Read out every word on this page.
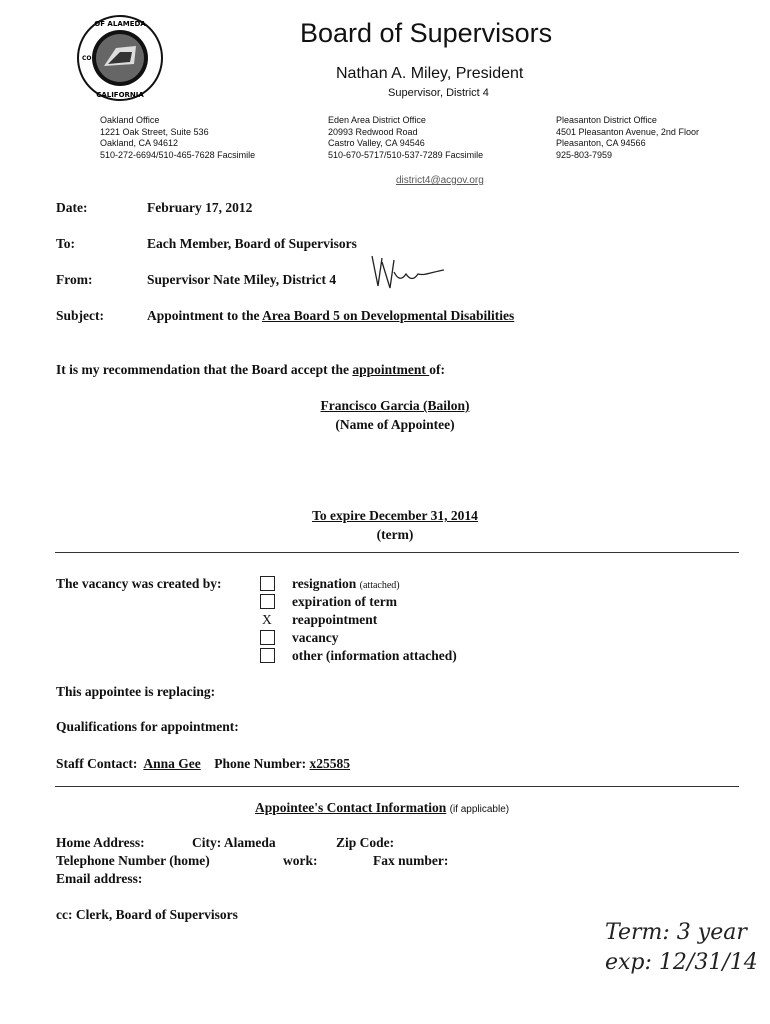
OF ALAMEDA
CALIFORNIA
CO
Board of Supervisors
Nathan A. Miley, President
Supervisor, District 4
Oakland Office
1221 Oak Street, Suite 536
Oakland, CA 94612
510-272-6694/510-465-7628 Facsimile
Eden Area District Office
20993 Redwood Road
Castro Valley, CA 94546
510-670-5717/510-537-7289 Facsimile
Pleasanton District Office
4501 Pleasanton Avenue, 2nd Floor
Pleasanton, CA 94566
925-803-7959
district4@acgov.org
Date:	February 17, 2012
To:	Each Member, Board of Supervisors
From:	Supervisor Nate Miley, District 4
Subject:	Appointment to the Area Board 5 on Developmental Disabilities
It is my recommendation that the Board accept the appointment of:
Francisco Garcia (Bailon)
(Name of Appointee)
To expire December 31, 2014
(term)
The vacancy was created by:	resignation (attached)
expiration of term
X reappointment
vacancy
other (information attached)
This appointee is replacing:
Qualifications for appointment:
Staff Contact: Anna Gee Phone Number: x25585
Appointee's Contact Information (if applicable)
Home Address:	City: Alameda	Zip Code:
Telephone Number (home)	work:	Fax number:
Email address:
cc: Clerk, Board of Supervisors
Term: 3 year
exp: 12/31/14
